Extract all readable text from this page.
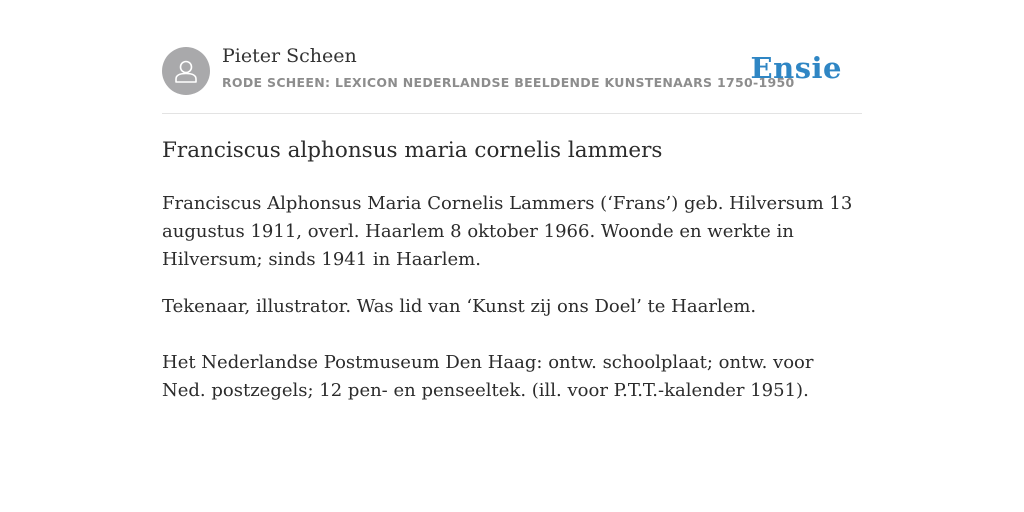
Pieter Scheen
RODE SCHEEN: LEXICON NEDERLANDSE BEELDENDE KUNSTENAARS 1750-1950
Ensie
Franciscus alphonsus maria cornelis lammers

Franciscus Alphonsus Maria Cornelis Lammers (‘Frans’) geb. Hilversum 13 augustus 1911, overl. Haarlem 8 oktober 1966. Woonde en werkte in Hilversum; sinds 1941 in Haarlem.

Tekenaar, illustrator. Was lid van ‘Kunst zij ons Doel’ te Haarlem.

Het Nederlandse Postmuseum Den Haag: ontw. schoolplaat; ontw. voor Ned. postzegels; 12 pen- en penseeltek. (ill. voor P.T.T.-kalender 1951).
